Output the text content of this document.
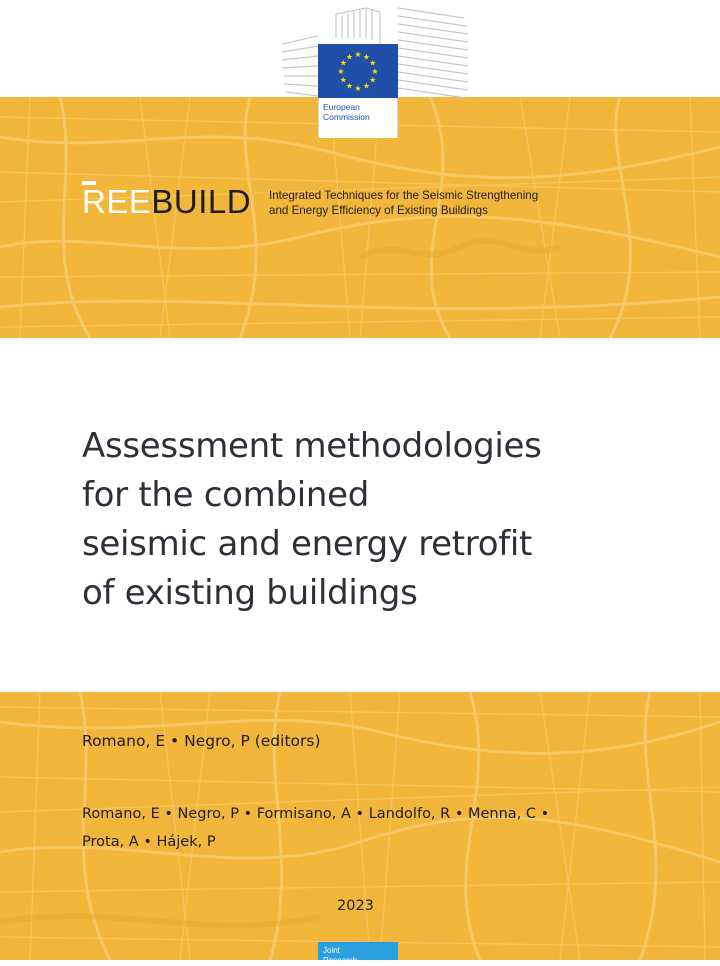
★ ★
★
★
★
★
★
★
★
★
★
★
European
Commission
REEBUILD Integrated Techniques for the Seismic Strengthening
and Energy Efficiency of Existing Buildings
Assessment methodologies
for the combined
seismic and energy retrofit
of existing buildings
Romano, E • Negro, P (editors)
Romano, E • Negro, P • Formisano, A • Landolfo, R • Menna, C •
Prota, A • Hájek, P
2023
Joint
Research
